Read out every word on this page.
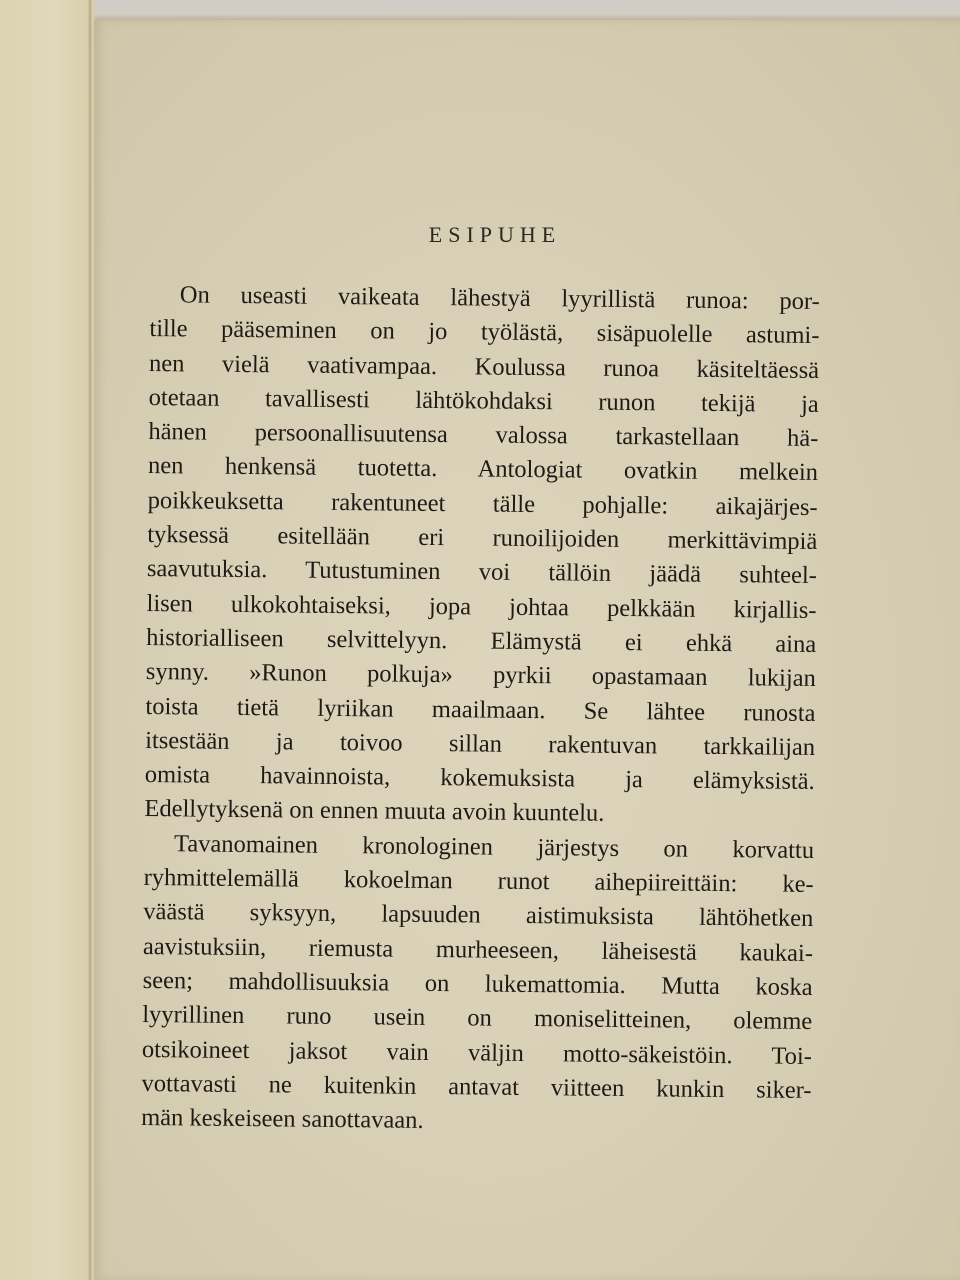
ESIPUHE
On useasti vaikeata lähestyä lyyrillistä runoa: por-
tille pääseminen on jo työlästä, sisäpuolelle astumi-
nen vielä vaativampaa. Koulussa runoa käsiteltäessä
otetaan tavallisesti lähtökohdaksi runon tekijä ja
hänen persoonallisuutensa valossa tarkastellaan hä-
nen henkensä tuotetta. Antologiat ovatkin melkein
poikkeuksetta rakentuneet tälle pohjalle: aikajärjes-
tyksessä esitellään eri runoilijoiden merkittävimpiä
saavutuksia. Tutustuminen voi tällöin jäädä suhteel-
lisen ulkokohtaiseksi, jopa johtaa pelkkään kirjallis-
historialliseen selvittelyyn. Elämystä ei ehkä aina
synny. »Runon polkuja» pyrkii opastamaan lukijan
toista tietä lyriikan maailmaan. Se lähtee runosta
itsestään ja toivoo sillan rakentuvan tarkkailijan
omista havainnoista, kokemuksista ja elämyksistä.
Edellytyksenä on ennen muuta avoin kuuntelu.
Tavanomainen kronologinen järjestys on korvattu
ryhmittelemällä kokoelman runot aihepiireittäin: ke-
väästä syksyyn, lapsuuden aistimuksista lähtöhetken
aavistuksiin, riemusta murheeseen, läheisestä kaukai-
seen; mahdollisuuksia on lukemattomia. Mutta koska
lyyrillinen runo usein on moniselitteinen, olemme
otsikoineet jaksot vain väljin motto-säkeistöin. Toi-
vottavasti ne kuitenkin antavat viitteen kunkin siker-
män keskeiseen sanottavaan.
